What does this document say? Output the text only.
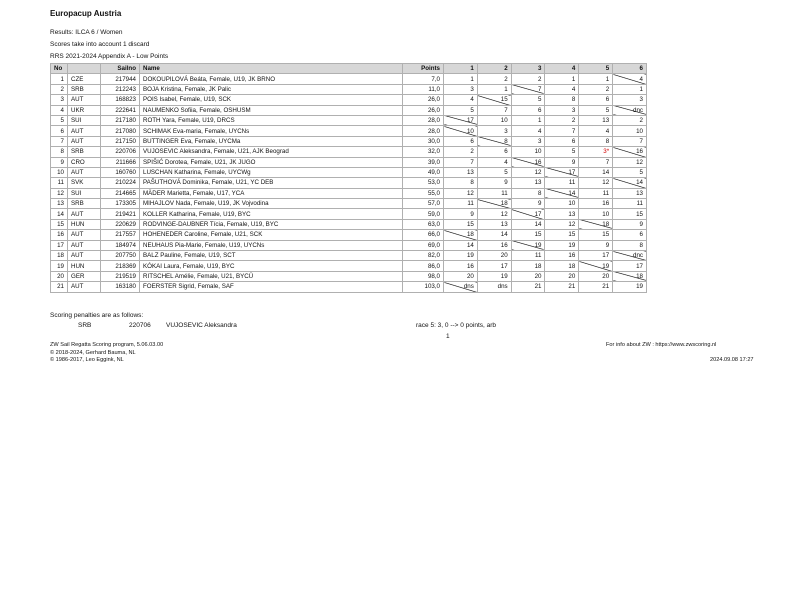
Europacup Austria
Results: ILCA 6 / Women
Scores take into account 1 discard
RRS 2021-2024 Appendix A - Low Points
No		Sailno	Name	Points	1	2	3	4	5	6
1	CZE	217944	DOKOUPILOVÁ Beáta, Female, U19, JK BRNO	7,0	1	2	2	1	1	4
2	SRB	212243	BOJA Kristina, Female, JK Palic	11,0	3	1	7	4	2	1
3	AUT	168823	POIS Isabel, Female, U19, SCK	26,0	4	15	5	8	6	3
4	UKR	222641	NAUMENKO Sofiia, Female, OSHUSM	26,0	5	7	6	3	5	dnc
5	SUI	217180	ROTH Yara, Female, U19, DRCS	28,0	17	10	1	2	13	2
6	AUT	217080	SCHIMAK Eva-maria, Female, UYCNs	28,0	10	3	4	7	4	10
7	AUT	217150	BUTTINGER Eva, Female, UYCMa	30,0	6	8	3	6	8	7
8	SRB	220706	VUJOSEVIC Aleksandra, Female, U21, AJK Beograd	32,0	2	6	10	5	3*	16
9	CRO	211666	SPIŠIĆ Dorotea, Female, U21, JK JUGO	39,0	7	4	16	9	7	12
10	AUT	160760	LUSCHAN Katharina, Female, UYCWg	49,0	13	5	12	17	14	5
11	SVK	210224	PAŠUTHOVÁ Dominika, Female, U21, YC DEB	53,0	8	9	13	11	12	14
12	SUI	214665	MÄDER Marietta, Female, U17, YCA	55,0	12	11	8	14	11	13
13	SRB	173305	MIHAJLOV Nada, Female, U19, JK Vojvodina	57,0	11	18	9	10	16	11
14	AUT	219421	KOLLER Katharina, Female, U19, BYC	59,0	9	12	17	13	10	15
15	HUN	220629	RODVINGE-DAUBNER Tícia, Female, U19, BYC	63,0	15	13	14	12	18	9
16	AUT	217557	HOHENEDER Caroline, Female, U21, SCK	66,0	18	14	15	15	15	6
17	AUT	184974	NEUHAUS Pia-Marie, Female, U19, UYCNs	69,0	14	16	19	19	9	8
18	AUT	207750	BALZ Pauline, Female, U19, SCT	82,0	19	20	11	16	17	dnc
19	HUN	218369	KÓKAI Laura, Female, U19, BYC	86,0	16	17	18	18	19	17
20	GER	219519	RITSCHEL Amélie, Female, U21, BYCÜ	98,0	20	19	20	20	20	18
21	AUT	163180	FOERSTER Sigrid, Female, SAF	103,0	dns	dns	21	21	21	19
Scoring penalties are as follows:
SRB	220706 VUJOSEVIC Aleksandra	race 5: 3, 0 --> 0 points, arb
1
ZW Sail Regatta Scoring program, 5.06.03.00
© 2018-2024, Gerhard Bauma, NL
© 1986-2017, Leo Eggink, NL
For info about ZW : https://www.zwscoring.nl
2024.09.08 17:27
